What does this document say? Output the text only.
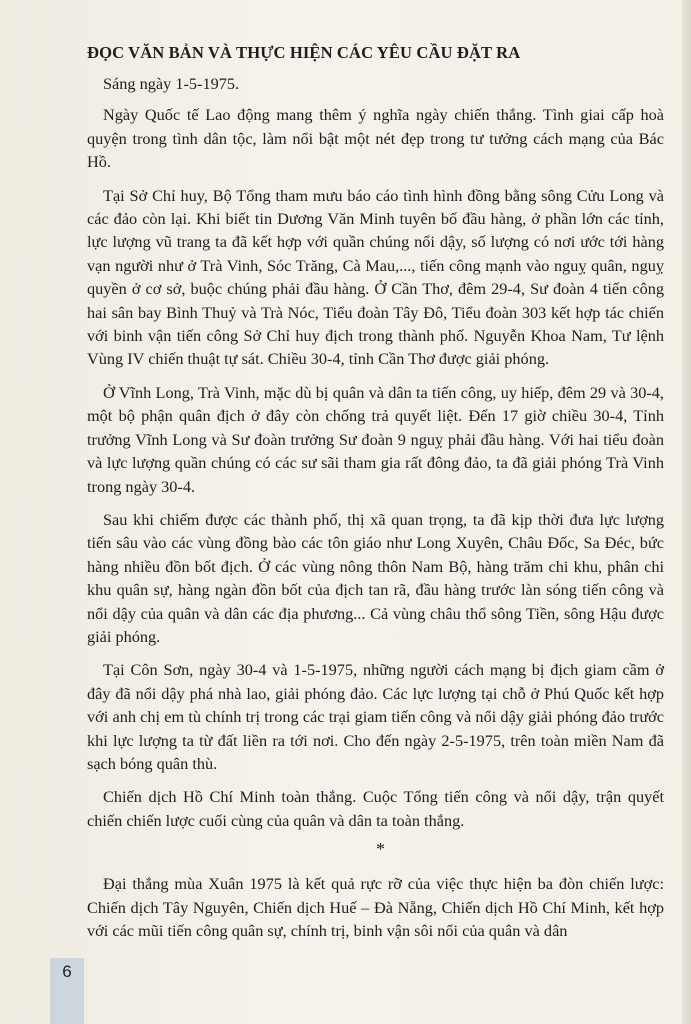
ĐỌC VĂN BẢN VÀ THỰC HIỆN CÁC YÊU CẦU ĐẶT RA

Sáng ngày 1-5-1975.

Ngày Quốc tế Lao động mang thêm ý nghĩa ngày chiến thắng. Tình giai cấp hoà quyện trong tình dân tộc, làm nổi bật một nét đẹp trong tư tưởng cách mạng của Bác Hồ.

Tại Sở Chỉ huy, Bộ Tổng tham mưu báo cáo tình hình đồng bằng sông Cửu Long và các đảo còn lại. Khi biết tin Dương Văn Minh tuyên bố đầu hàng, ở phần lớn các tỉnh, lực lượng vũ trang ta đã kết hợp với quần chúng nổi dậy, số lượng có nơi ước tới hàng vạn người như ở Trà Vinh, Sóc Trăng, Cà Mau,..., tiến công mạnh vào nguỵ quân, nguỵ quyền ở cơ sở, buộc chúng phải đầu hàng. Ở Cần Thơ, đêm 29-4, Sư đoàn 4 tiến công hai sân bay Bình Thuỷ và Trà Nóc, Tiểu đoàn Tây Đô, Tiểu đoàn 303 kết hợp tác chiến với binh vận tiến công Sở Chỉ huy địch trong thành phố. Nguyễn Khoa Nam, Tư lệnh Vùng IV chiến thuật tự sát. Chiều 30-4, tỉnh Cần Thơ được giải phóng.

Ở Vĩnh Long, Trà Vinh, mặc dù bị quân và dân ta tiến công, uy hiếp, đêm 29 và 30-4, một bộ phận quân địch ở đây còn chống trả quyết liệt. Đến 17 giờ chiều 30-4, Tỉnh trưởng Vĩnh Long và Sư đoàn trưởng Sư đoàn 9 nguỵ phải đầu hàng. Với hai tiểu đoàn và lực lượng quần chúng có các sư sãi tham gia rất đông đảo, ta đã giải phóng Trà Vinh trong ngày 30-4.

Sau khi chiếm được các thành phố, thị xã quan trọng, ta đã kịp thời đưa lực lượng tiến sâu vào các vùng đồng bào các tôn giáo như Long Xuyên, Châu Đốc, Sa Đéc, bức hàng nhiều đồn bốt địch. Ở các vùng nông thôn Nam Bộ, hàng trăm chi khu, phân chi khu quân sự, hàng ngàn đồn bốt của địch tan rã, đầu hàng trước làn sóng tiến công và nổi dậy của quân và dân các địa phương... Cả vùng châu thổ sông Tiền, sông Hậu được giải phóng.

Tại Côn Sơn, ngày 30-4 và 1-5-1975, những người cách mạng bị địch giam cầm ở đây đã nổi dậy phá nhà lao, giải phóng đảo. Các lực lượng tại chỗ ở Phú Quốc kết hợp với anh chị em tù chính trị trong các trại giam tiến công và nổi dậy giải phóng đảo trước khi lực lượng ta từ đất liền ra tới nơi. Cho đến ngày 2-5-1975, trên toàn miền Nam đã sạch bóng quân thù.

Chiến dịch Hồ Chí Minh toàn thắng. Cuộc Tổng tiến công và nổi dậy, trận quyết chiến chiến lược cuối cùng của quân và dân ta toàn thắng.

*

Đại thắng mùa Xuân 1975 là kết quả rực rỡ của việc thực hiện ba đòn chiến lược: Chiến dịch Tây Nguyên, Chiến dịch Huế – Đà Nẵng, Chiến dịch Hồ Chí Minh, kết hợp với các mũi tiến công quân sự, chính trị, binh vận sôi nổi của quân và dân

6
